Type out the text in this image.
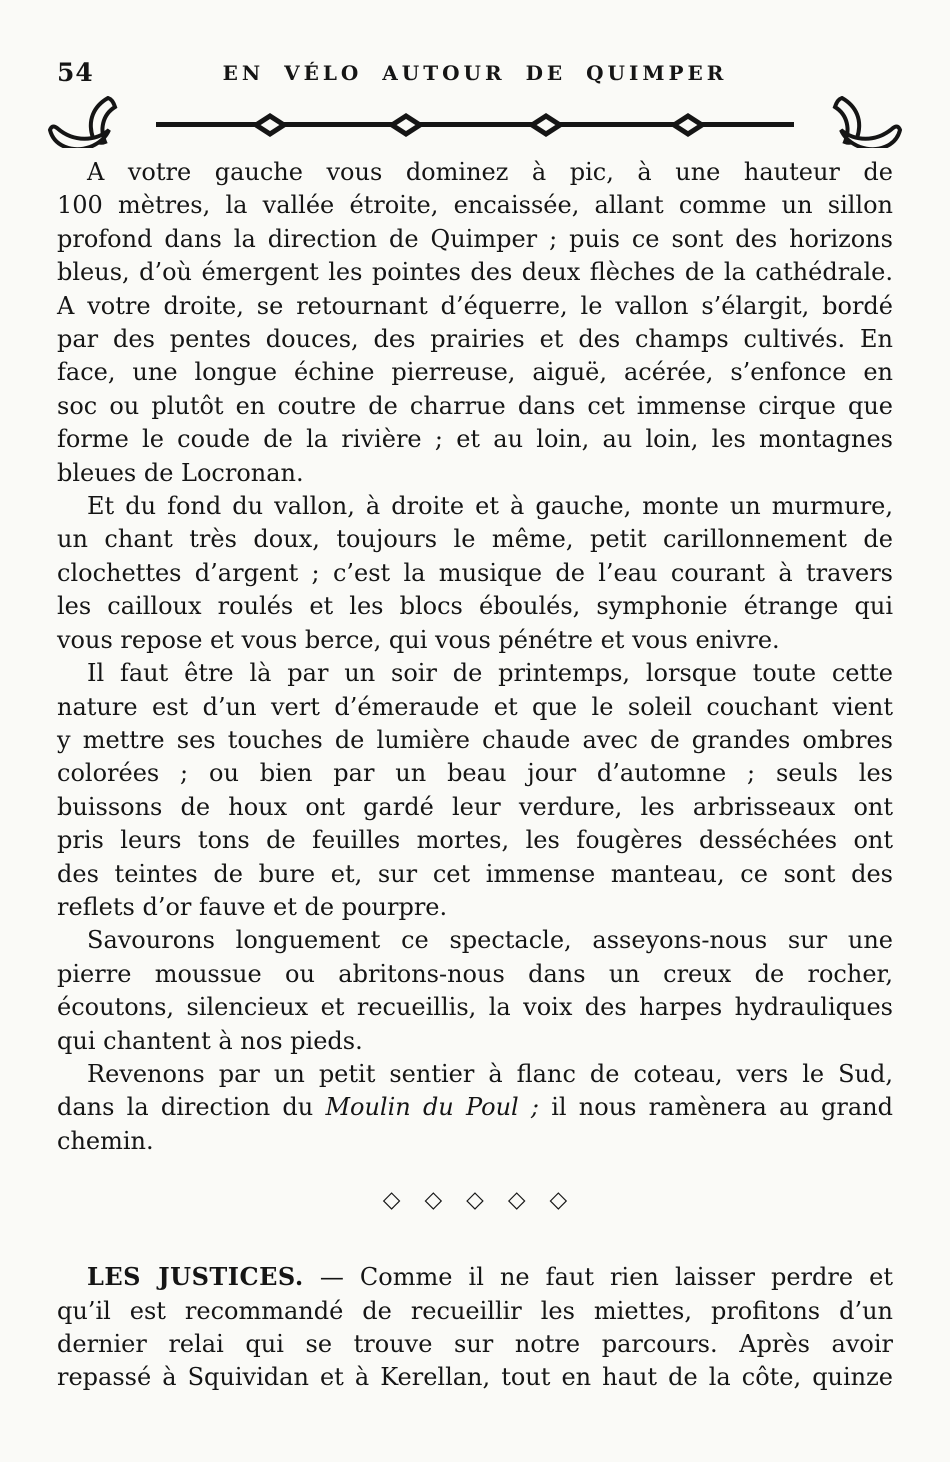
54	EN VÉLO AUTOUR DE QUIMPER
A votre gauche vous dominez à pic, à une hauteur de
100 mètres, la vallée étroite, encaissée, allant comme un sillon
profond dans la direction de Quimper ; puis ce sont des horizons
bleus, d’où émergent les pointes des deux flèches de la cathédrale.
A votre droite, se retournant d’équerre, le vallon s’élargit, bordé
par des pentes douces, des prairies et des champs cultivés. En
face, une longue échine pierreuse, aiguë, acérée, s’enfonce en
soc ou plutôt en coutre de charrue dans cet immense cirque que
forme le coude de la rivière ; et au loin, au loin, les montagnes
bleues de Locronan.
Et du fond du vallon, à droite et à gauche, monte un murmure,
un chant très doux, toujours le même, petit carillonnement de
clochettes d’argent ; c’est la musique de l’eau courant à travers
les cailloux roulés et les blocs éboulés, symphonie étrange qui
vous repose et vous berce, qui vous pénétre et vous enivre.
Il faut être là par un soir de printemps, lorsque toute cette
nature est d’un vert d’émeraude et que le soleil couchant vient
y mettre ses touches de lumière chaude avec de grandes ombres
colorées ; ou bien par un beau jour d’automne ; seuls les
buissons de houx ont gardé leur verdure, les arbrisseaux ont
pris leurs tons de feuilles mortes, les fougères desséchées ont
des teintes de bure et, sur cet immense manteau, ce sont des
reflets d’or fauve et de pourpre.
Savourons longuement ce spectacle, asseyons-nous sur une
pierre moussue ou abritons-nous dans un creux de rocher,
écoutons, silencieux et recueillis, la voix des harpes hydrauliques
qui chantent à nos pieds.
Revenons par un petit sentier à flanc de coteau, vers le Sud,
dans la direction du Moulin du Poul ; il nous ramènera au grand
chemin.
◇ ◇ ◇ ◇ ◇
LES JUSTICES. — Comme il ne faut rien laisser perdre et
qu’il est recommandé de recueillir les miettes, profitons d’un
dernier relai qui se trouve sur notre parcours. Après avoir
repassé à Squividan et à Kerellan, tout en haut de la côte, quinze
